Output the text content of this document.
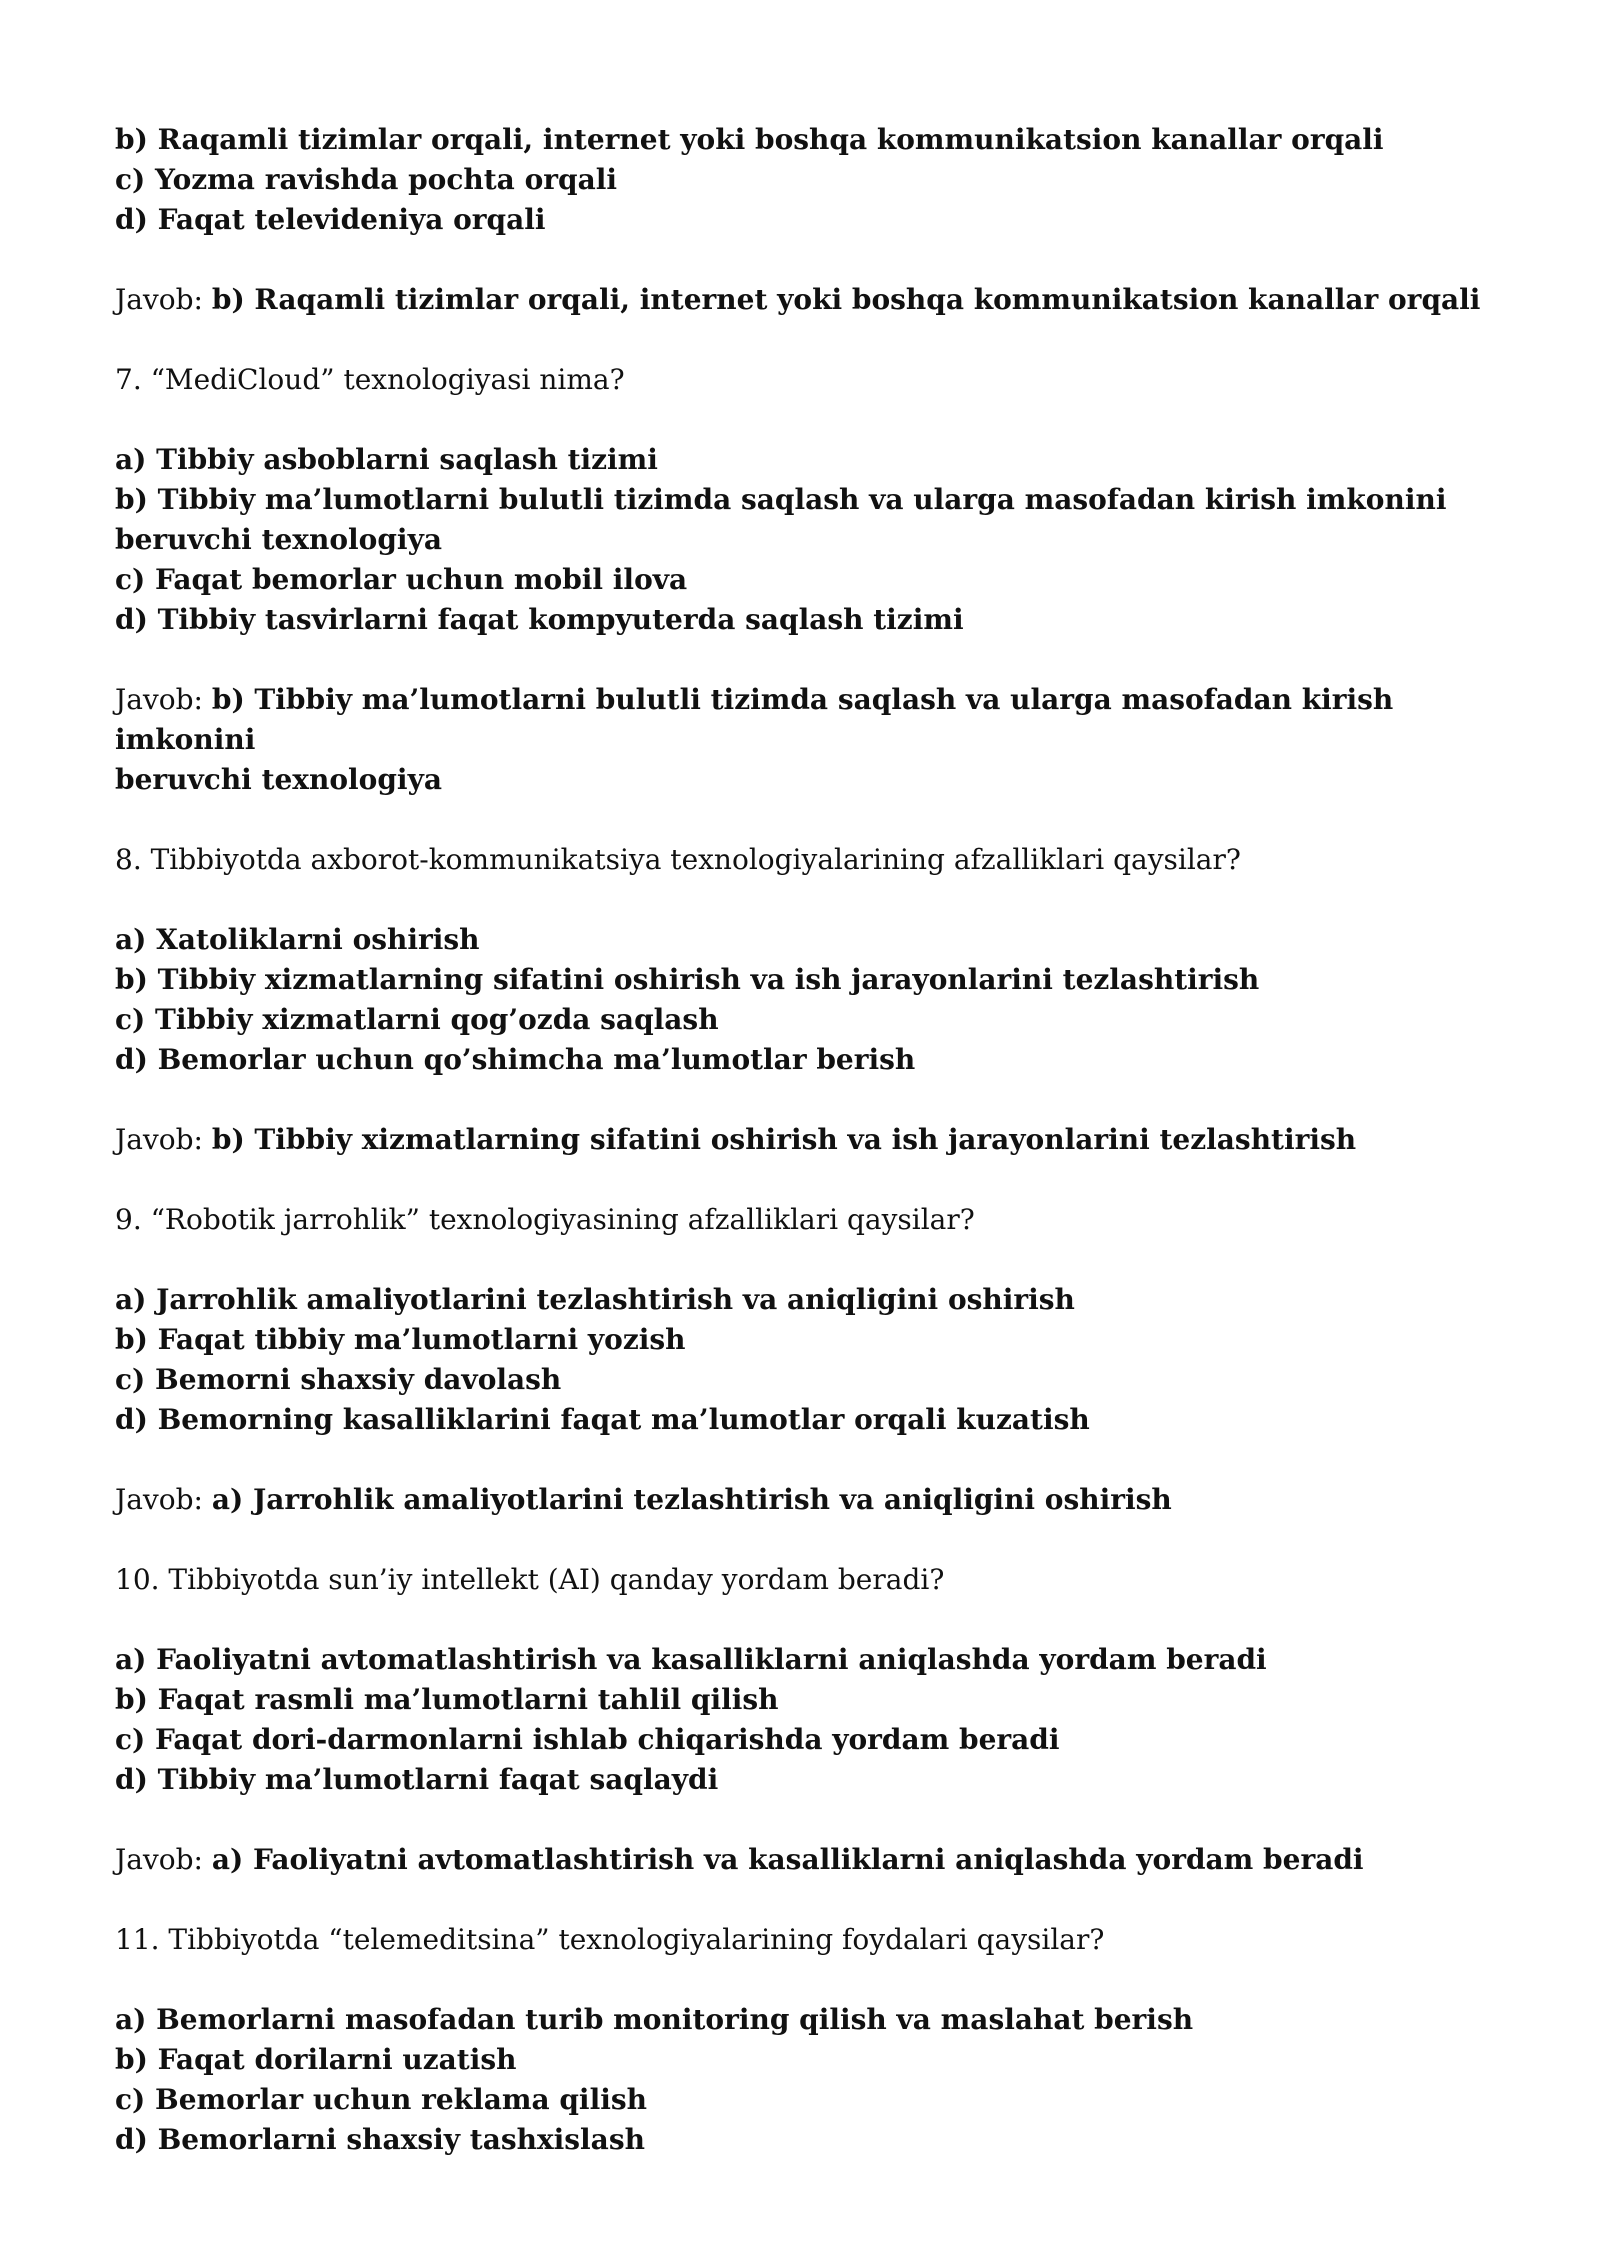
b) Raqamli tizimlar orqali, internet yoki boshqa kommunikatsion kanallar orqali

c) Yozma ravishda pochta orqali

d) Faqat televideniya orqali

Javob: b) Raqamli tizimlar orqali, internet yoki boshqa kommunikatsion kanallar orqali

7. “MediCloud” texnologiyasi nima?

a) Tibbiy asboblarni saqlash tizimi

b) Tibbiy ma’lumotlarni bulutli tizimda saqlash va ularga masofadan kirish imkonini

beruvchi texnologiya

c) Faqat bemorlar uchun mobil ilova

d) Tibbiy tasvirlarni faqat kompyuterda saqlash tizimi

Javob: b) Tibbiy ma’lumotlarni bulutli tizimda saqlash va ularga masofadan kirish imkonini

beruvchi texnologiya

8. Tibbiyotda axborot-kommunikatsiya texnologiyalarining afzalliklari qaysilar?

a) Xatoliklarni oshirish

b) Tibbiy xizmatlarning sifatini oshirish va ish jarayonlarini tezlashtirish

c) Tibbiy xizmatlarni qog’ozda saqlash

d) Bemorlar uchun qo’shimcha ma’lumotlar berish

Javob: b) Tibbiy xizmatlarning sifatini oshirish va ish jarayonlarini tezlashtirish

9. “Robotik jarrohlik” texnologiyasining afzalliklari qaysilar?

a) Jarrohlik amaliyotlarini tezlashtirish va aniqligini oshirish

b) Faqat tibbiy ma’lumotlarni yozish

c) Bemorni shaxsiy davolash

d) Bemorning kasalliklarini faqat ma’lumotlar orqali kuzatish

Javob: a) Jarrohlik amaliyotlarini tezlashtirish va aniqligini oshirish

10. Tibbiyotda sun’iy intellekt (AI) qanday yordam beradi?

a) Faoliyatni avtomatlashtirish va kasalliklarni aniqlashda yordam beradi

b) Faqat rasmli ma’lumotlarni tahlil qilish

c) Faqat dori-darmonlarni ishlab chiqarishda yordam beradi

d) Tibbiy ma’lumotlarni faqat saqlaydi

Javob: a) Faoliyatni avtomatlashtirish va kasalliklarni aniqlashda yordam beradi

11. Tibbiyotda “telemeditsina” texnologiyalarining foydalari qaysilar?

a) Bemorlarni masofadan turib monitoring qilish va maslahat berish

b) Faqat dorilarni uzatish

c) Bemorlar uchun reklama qilish

d) Bemorlarni shaxsiy tashxislash
